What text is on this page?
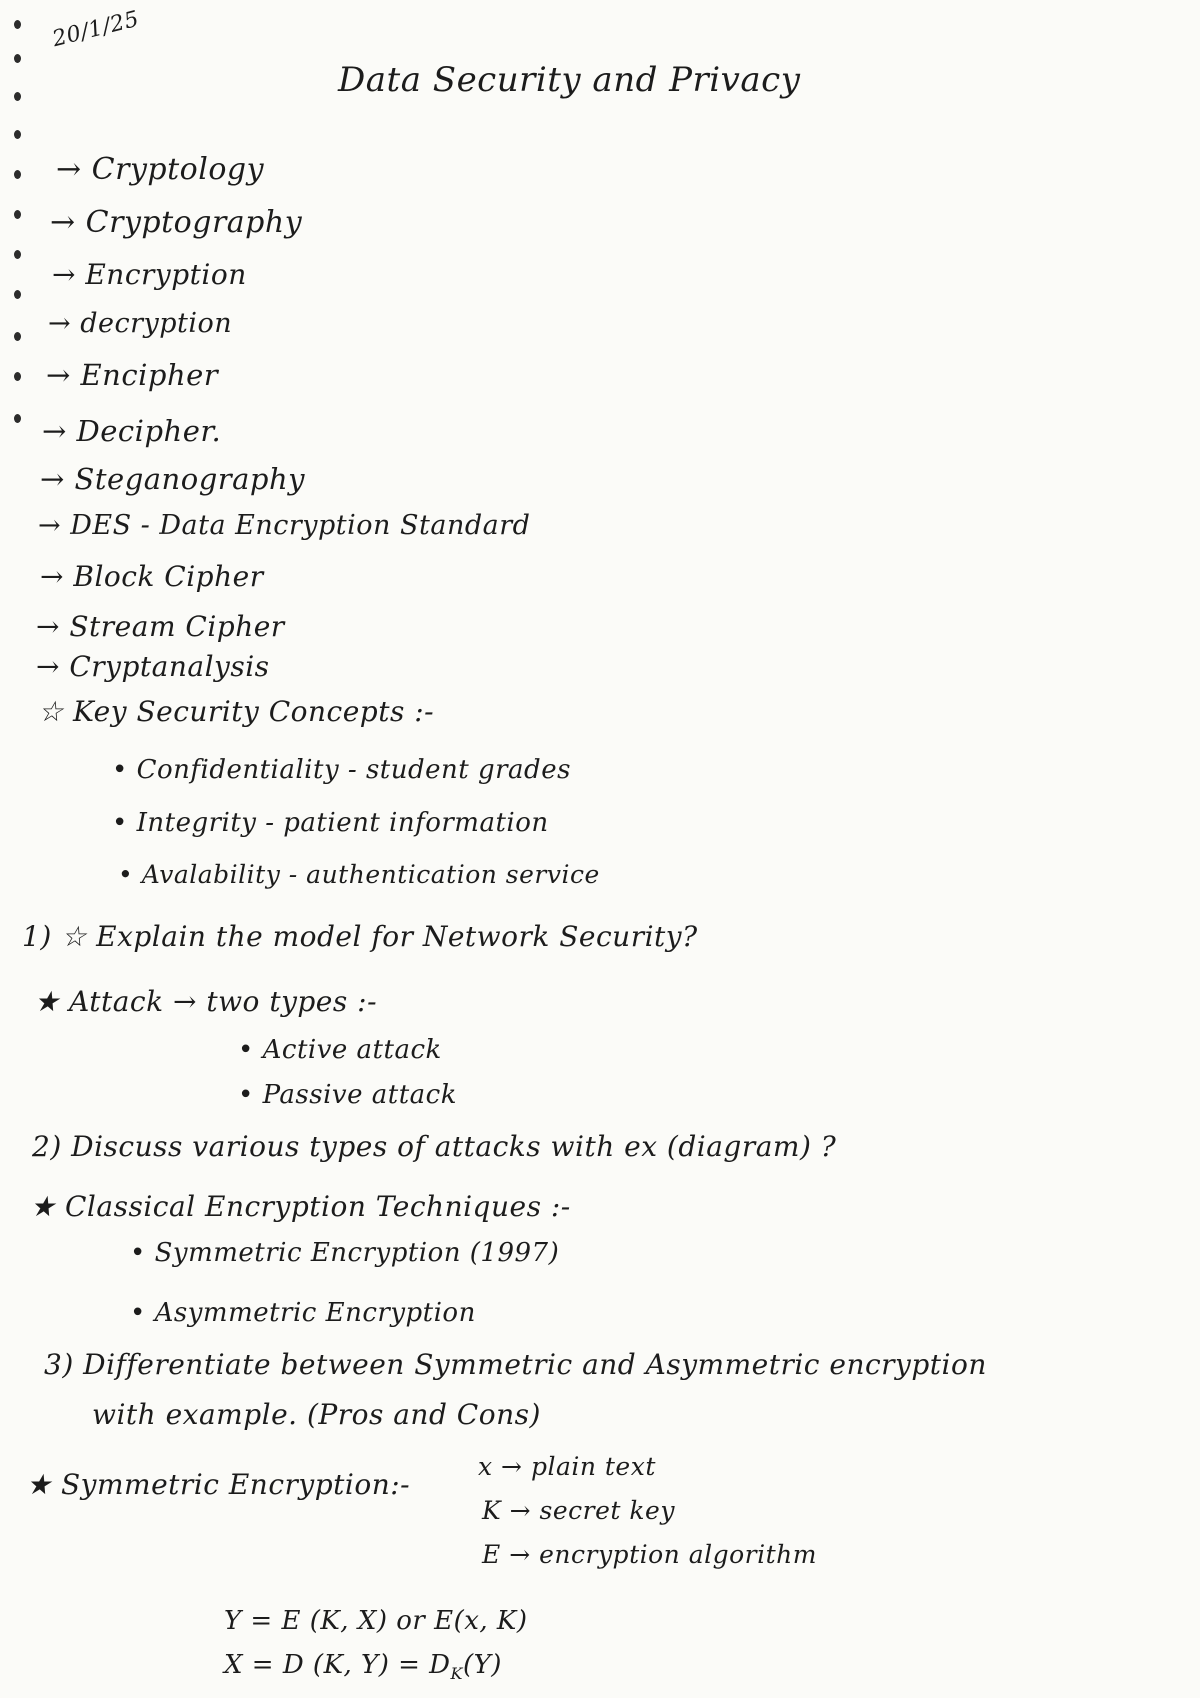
20/1/25
Data Security and Privacy
→ Cryptology
→ Cryptography
→ Encryption
→ decryption
→ Encipher
→ Decipher.
→ Steganography
→ DES - Data Encryption Standard
→ Block Cipher
→ Stream Cipher
→ Cryptanalysis
☆ Key Security Concepts :-
• Confidentiality - student grades
• Integrity - patient information
• Avalability - authentication service
1) ☆ Explain the model for Network Security?
★ Attack → two types :-
• Active attack
• Passive attack
2) Discuss various types of attacks with ex (diagram) ?
★ Classical Encryption Techniques :-
• Symmetric Encryption (1997)
• Asymmetric Encryption
3) Differentiate between Symmetric and Asymmetric encryption
with example. (Pros and Cons)
★ Symmetric Encryption:-
x → plain text
K → secret key
E → encryption algorithm
Y = E (K, X) or E(x, K)
X = D (K, $Y) = D_K(Y)$
